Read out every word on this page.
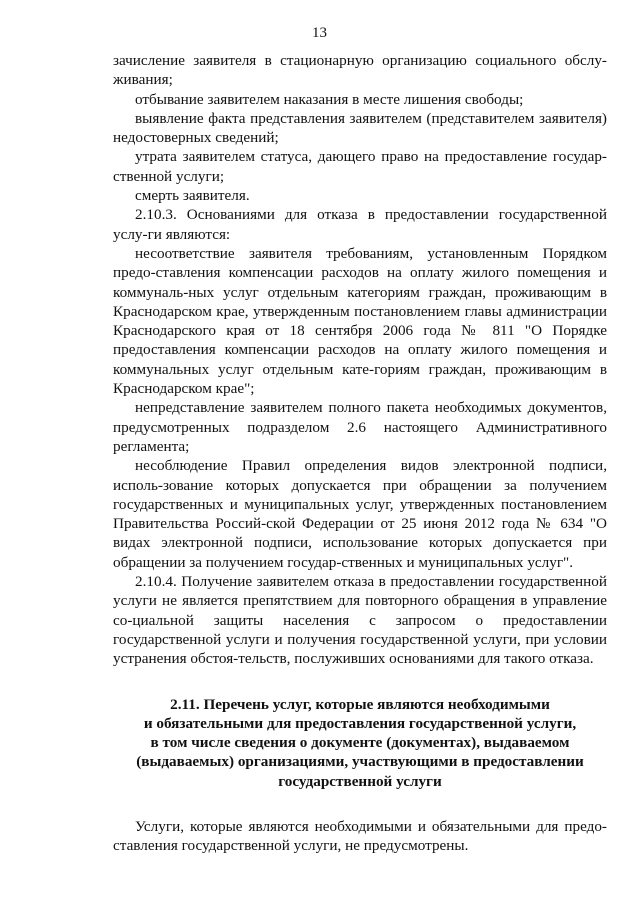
13

зачисление заявителя в стационарную организацию социального обслу-живания;

отбывание заявителем наказания в месте лишения свободы;

выявление факта представления заявителем (представителем заявителя) недостоверных сведений;

утрата заявителем статуса, дающего право на предоставление государ-ственной услуги;

смерть заявителя.

2.10.3. Основаниями для отказа в предоставлении государственной услу-ги являются:

несоответствие заявителя требованиям, установленным Порядком предо-ставления компенсации расходов на оплату жилого помещения и коммуналь-ных услуг отдельным категориям граждан, проживающим в Краснодарском крае, утвержденным постановлением главы администрации Краснодарского края от 18 сентября 2006 года № 811 "О Порядке предоставления компенсации расходов на оплату жилого помещения и коммунальных услуг отдельным кате-гориям граждан, проживающим в Краснодарском крае";

непредставление заявителем полного пакета необходимых документов, предусмотренных подразделом 2.6 настоящего Административного регламента;

несоблюдение Правил определения видов электронной подписи, исполь-зование которых допускается при обращении за получением государственных и муниципальных услуг, утвержденных постановлением Правительства Россий-ской Федерации от 25 июня 2012 года № 634 "О видах электронной подписи, использование которых допускается при обращении за получением государ-ственных и муниципальных услуг".

2.10.4. Получение заявителем отказа в предоставлении государственной услуги не является препятствием для повторного обращения в управление со-циальной защиты населения с запросом о предоставлении государственной услуги и получения государственной услуги, при условии устранения обстоя-тельств, послуживших основаниями для такого отказа.

2.11. Перечень услуг, которые являются необходимыми
и обязательными для предоставления государственной услуги,
в том числе сведения о документе (документах), выдаваемом
(выдаваемых) организациями, участвующими в предоставлении
государственной услуги

Услуги, которые являются необходимыми и обязательными для предо-ставления государственной услуги, не предусмотрены.
